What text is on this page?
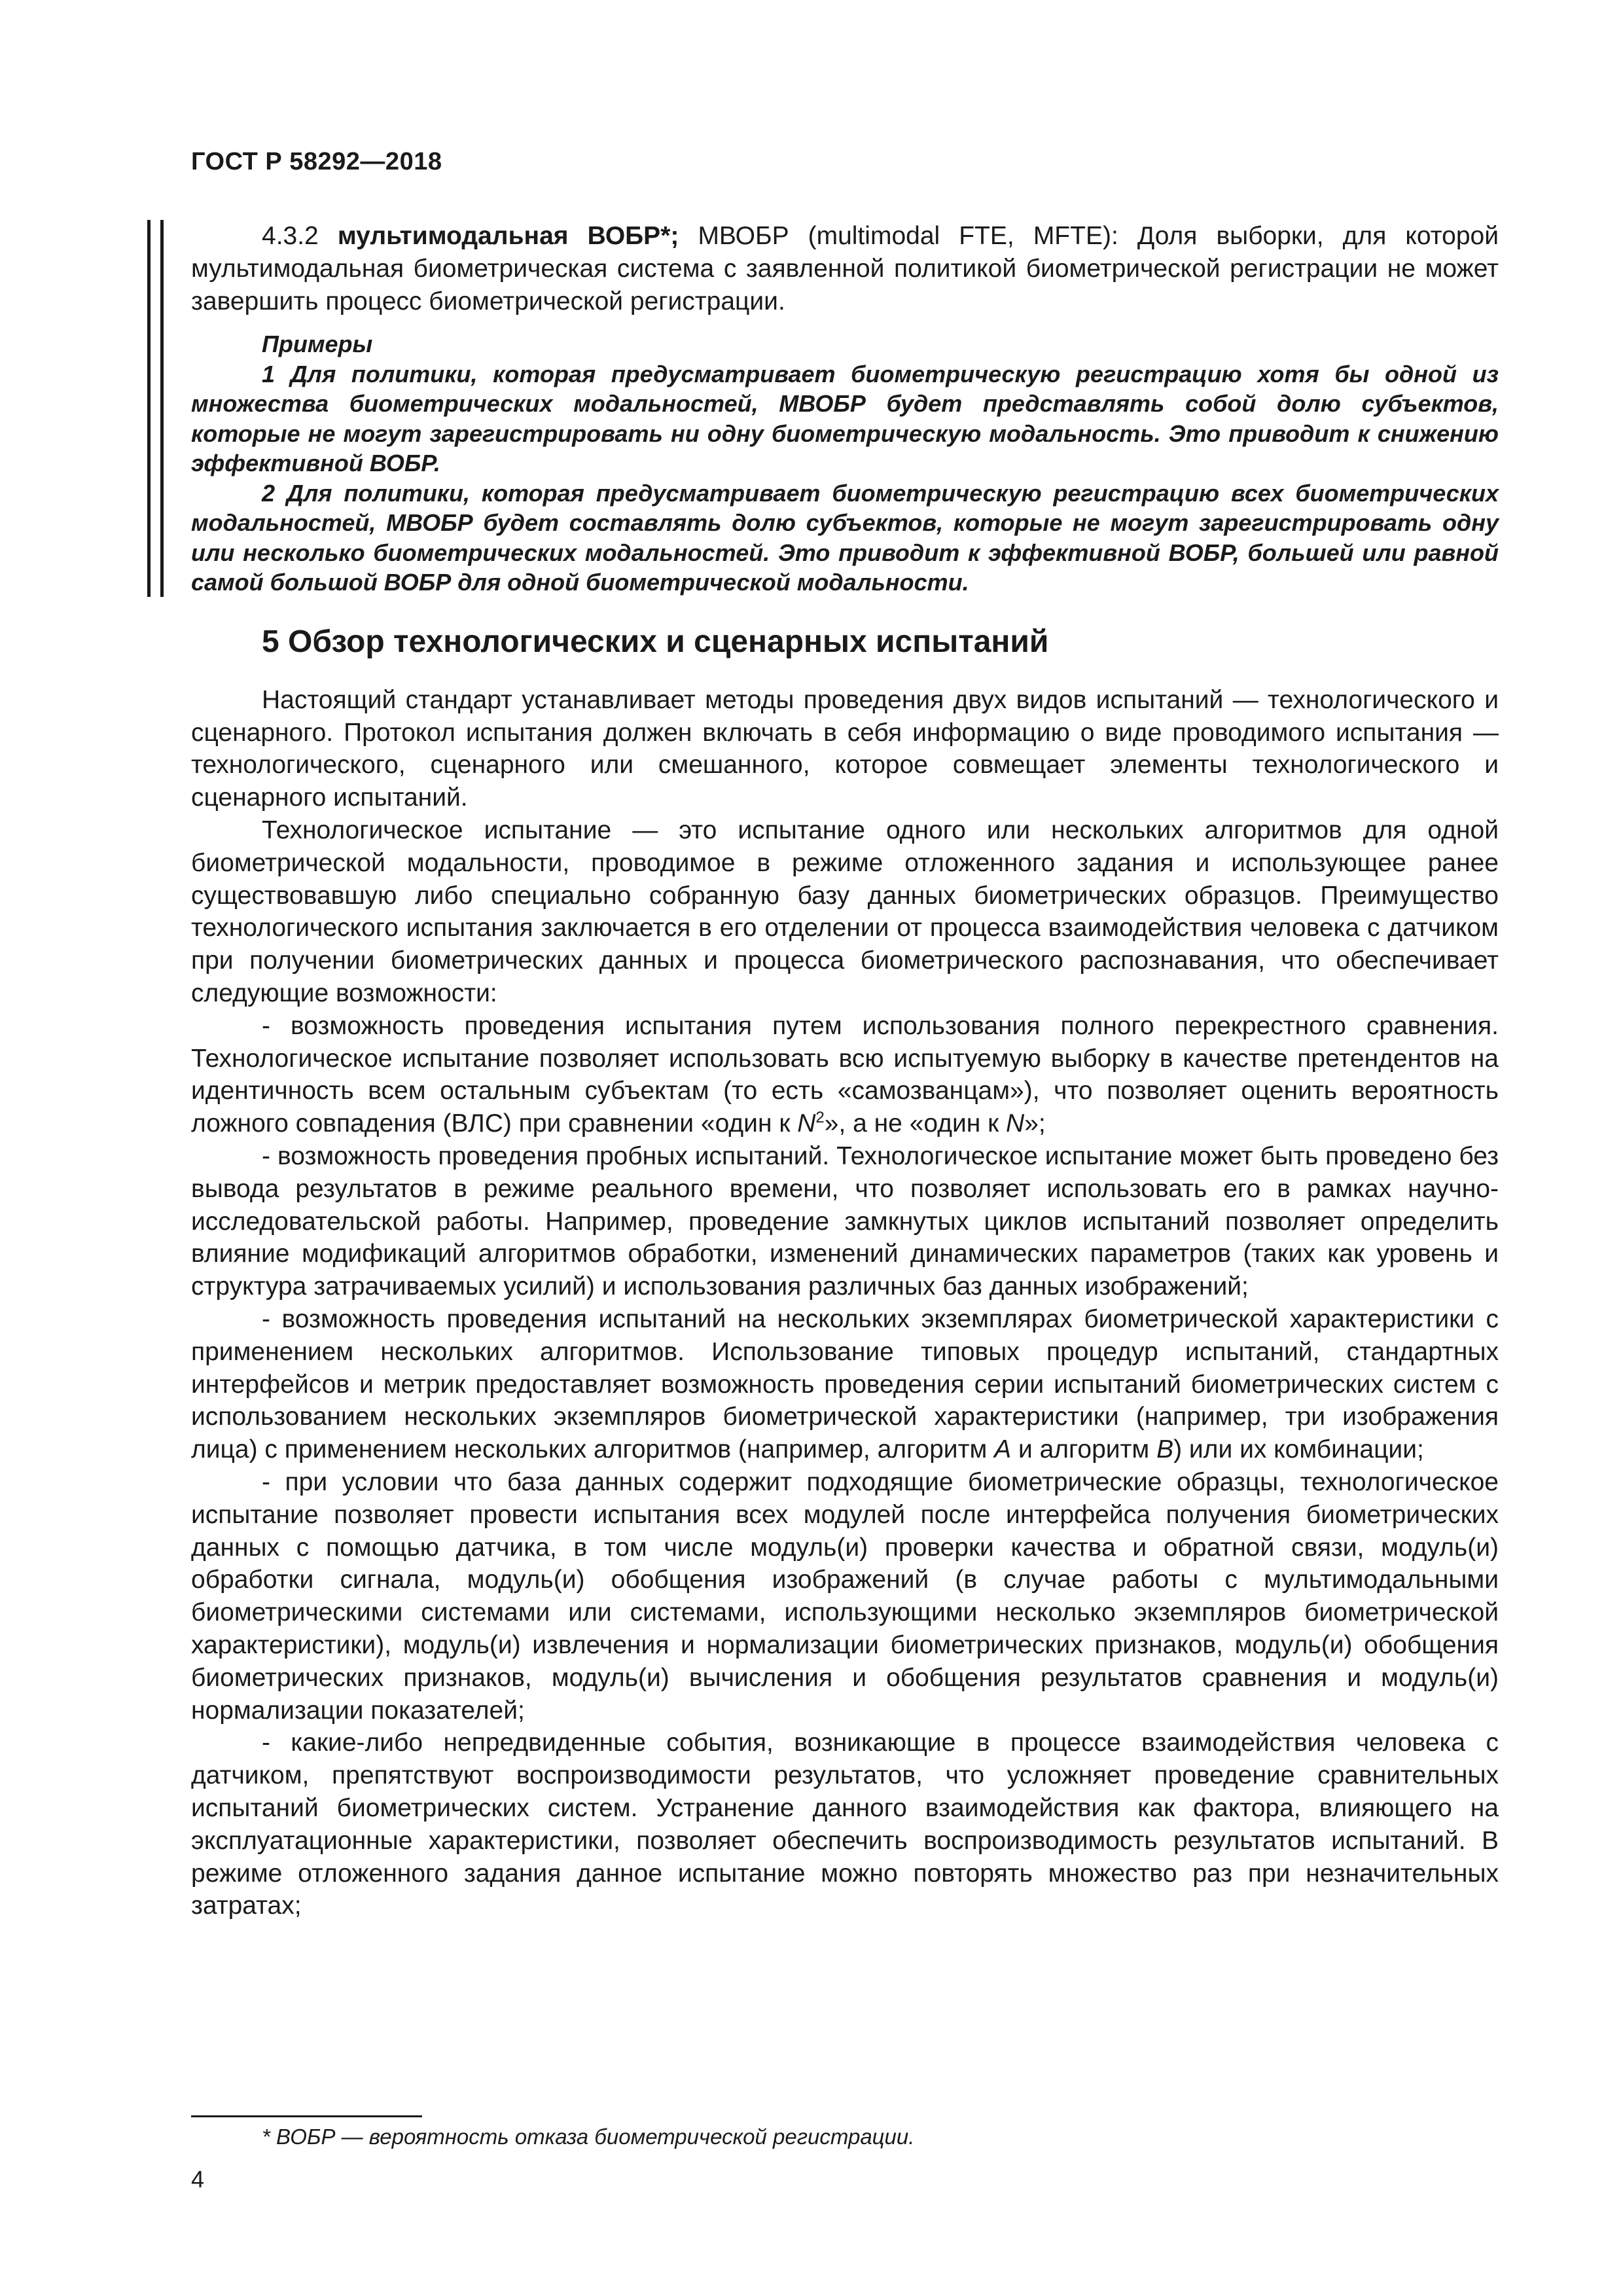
ГОСТ Р 58292—2018

4.3.2 мультимодальная ВОБР*; МВОБР (multimodal FTE, MFTE): Доля выборки, для которой мультимодальная биометрическая система с заявленной политикой биометрической регистрации не может завершить процесс биометрической регистрации.

Примеры

1 Для политики, которая предусматривает биометрическую регистрацию хотя бы одной из множества биометрических модальностей, МВОБР будет представлять собой долю субъектов, которые не могут зарегистрировать ни одну биометрическую модальность. Это приводит к снижению эффективной ВОБР.

2 Для политики, которая предусматривает биометрическую регистрацию всех биометрических модальностей, МВОБР будет составлять долю субъектов, которые не могут зарегистрировать одну или несколько биометрических модальностей. Это приводит к эффективной ВОБР, большей или равной самой большой ВОБР для одной биометрической модальности.

5 Обзор технологических и сценарных испытаний

Настоящий стандарт устанавливает методы проведения двух видов испытаний — технологического и сценарного. Протокол испытания должен включать в себя информацию о виде проводимого испытания — технологического, сценарного или смешанного, которое совмещает элементы технологического и сценарного испытаний.

Технологическое испытание — это испытание одного или нескольких алгоритмов для одной биометрической модальности, проводимое в режиме отложенного задания и использующее ранее существовавшую либо специально собранную базу данных биометрических образцов. Преимущество технологического испытания заключается в его отделении от процесса взаимодействия человека с датчиком при получении биометрических данных и процесса биометрического распознавания, что обеспечивает следующие возможности:

- возможность проведения испытания путем использования полного перекрестного сравнения. Технологическое испытание позволяет использовать всю испытуемую выборку в качестве претендентов на идентичность всем остальным субъектам (то есть «самозванцам»), что позволяет оценить вероятность ложного совпадения (ВЛС) при сравнении «один к $N^2$», а не «один к N»;

- возможность проведения пробных испытаний. Технологическое испытание может быть проведено без вывода результатов в режиме реального времени, что позволяет использовать его в рамках научно-исследовательской работы. Например, проведение замкнутых циклов испытаний позволяет определить влияние модификаций алгоритмов обработки, изменений динамических параметров (таких как уровень и структура затрачиваемых усилий) и использования различных баз данных изображений;

- возможность проведения испытаний на нескольких экземплярах биометрической характеристики с применением нескольких алгоритмов. Использование типовых процедур испытаний, стандартных интерфейсов и метрик предоставляет возможность проведения серии испытаний биометрических систем с использованием нескольких экземпляров биометрической характеристики (например, три изображения лица) с применением нескольких алгоритмов (например, алгоритм A и алгоритм B) или их комбинации;

- при условии что база данных содержит подходящие биометрические образцы, технологическое испытание позволяет провести испытания всех модулей после интерфейса получения биометрических данных с помощью датчика, в том числе модуль(и) проверки качества и обратной связи, модуль(и) обработки сигнала, модуль(и) обобщения изображений (в случае работы с мультимодальными биометрическими системами или системами, использующими несколько экземпляров биометрической характеристики), модуль(и) извлечения и нормализации биометрических признаков, модуль(и) обобщения биометрических признаков, модуль(и) вычисления и обобщения результатов сравнения и модуль(и) нормализации показателей;

- какие-либо непредвиденные события, возникающие в процессе взаимодействия человека с датчиком, препятствуют воспроизводимости результатов, что усложняет проведение сравнительных испытаний биометрических систем. Устранение данного взаимодействия как фактора, влияющего на эксплуатационные характеристики, позволяет обеспечить воспроизводимость результатов испытаний. В режиме отложенного задания данное испытание можно повторять множество раз при незначительных затратах;

* ВОБР — вероятность отказа биометрической регистрации.
4
